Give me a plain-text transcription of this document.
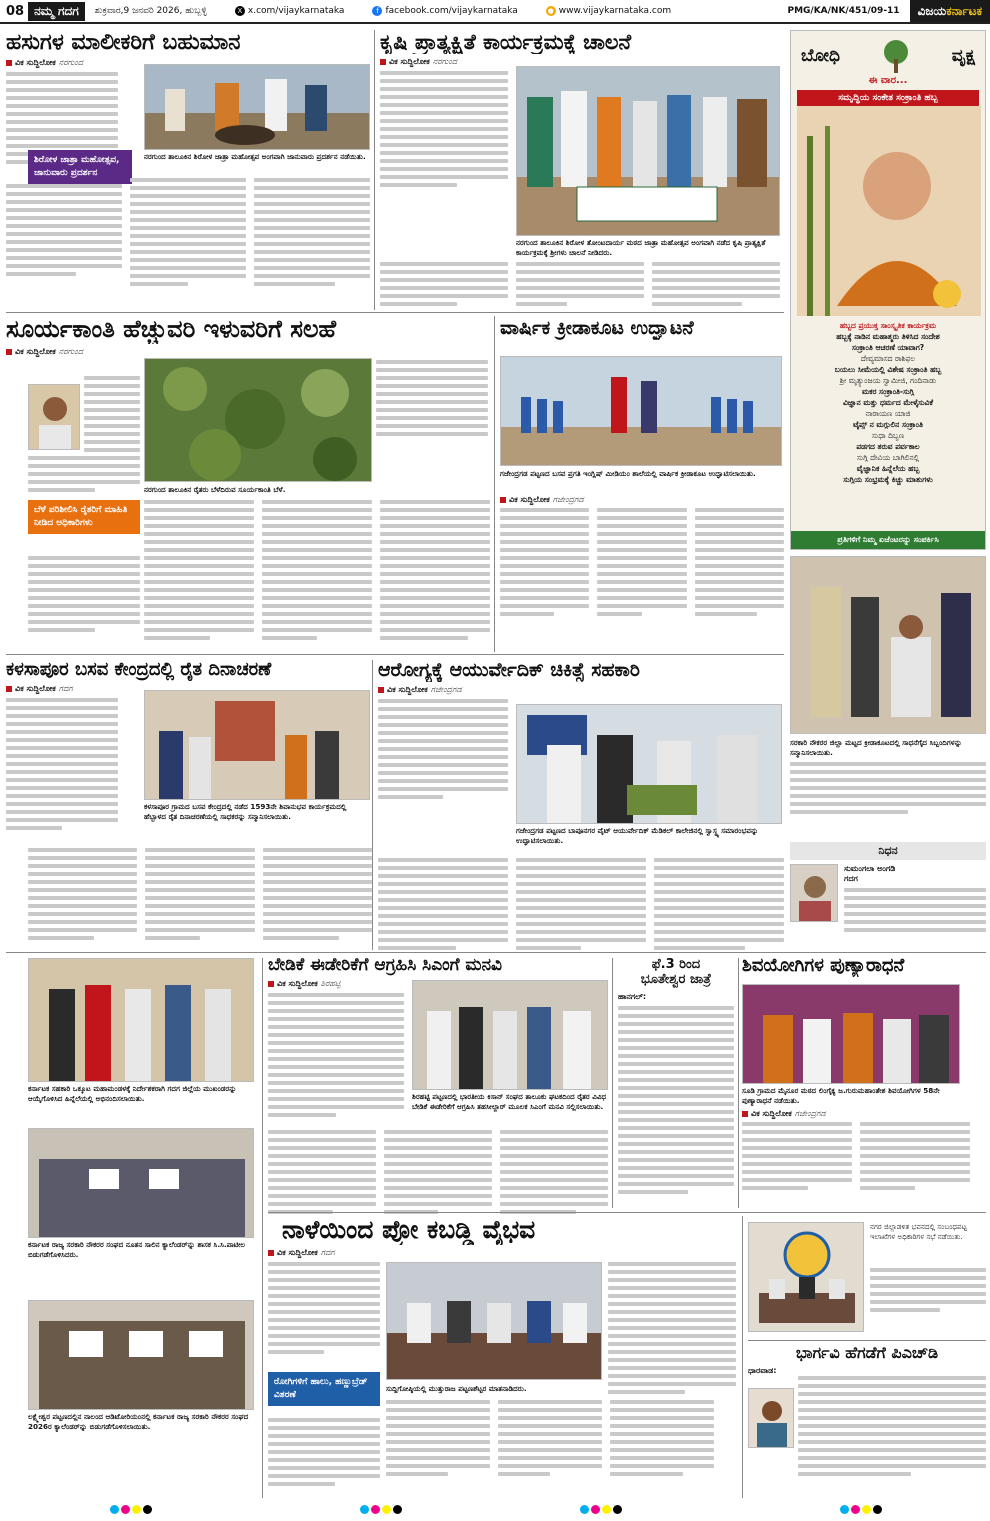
08 ನಮ್ಮ ಗದಗ	ಶುಕ್ರವಾರ,9 ಜನವರಿ 2026, ಹುಬ್ಬಳ್ಳಿ	X x.com/vijaykarnataka	f facebook.com/vijaykarnataka	● www.vijaykarnataka.com	PMG/KA/NK/451/09-11	ವಿಜಯಕರ್ನಾಟಕ
ಹಸುಗಳ ಮಾಲೀಕರಿಗೆ ಬಹುಮಾನ
ವಿಕ ಸುದ್ದಿಲೋಕ ನರಗುಂದ
ಶಿರೋಳ ಜಾತ್ರಾ ಮಹೋತ್ಸವ, ಜಾನುವಾರು ಪ್ರದರ್ಶನ
ನರಗುಂದ ತಾಲೂಕಿನ ಶಿರೋಳ ಜಾತ್ರಾ ಮಹೋತ್ಸವ ಅಂಗವಾಗಿ ಜಾನುವಾರು ಪ್ರದರ್ಶನ ನಡೆಯಿತು.
ಕೃಷಿ ಪ್ರಾತ್ಯಕ್ಷಿತೆ ಕಾರ್ಯಕ್ರಮಕ್ಕೆ ಚಾಲನೆ
ವಿಕ ಸುದ್ದಿಲೋಕ ನರಗುಂದ
ನರಗುಂದ ತಾಲೂಕಿನ ಶಿರೋಳ ತೋಂಟದಾರ್ಯ ಮಠದ ಜಾತ್ರಾ ಮಹೋತ್ಸವ ಅಂಗವಾಗಿ ನಡೆದ ಕೃಷಿ ಪ್ರಾತ್ಯಕ್ಷಿತೆ ಕಾರ್ಯಕ್ರಮಕ್ಕೆ ಶ್ರೀಗಳು ಚಾಲನೆ ನೀಡಿದರು.
ಬೋಧಿ	ವೃಕ್ಷ
ಈ ವಾರ...
ಸಮೃದ್ಧಿಯ ಸಂಕೇತ ಸಂಕ್ರಾಂತಿ ಹಬ್ಬ
ಹಬ್ಬದ ಪ್ರಯುಕ್ತ ಸಾಂಸ್ಕೃತಿಕ ಕಾರ್ಯಕ್ರಮ
ಹಬ್ಬಕ್ಕೆ ನಾಡಿನ ಮಹಾತ್ಮರು ತಿಳಿಸಿದ ಸಂದೇಶ
ಸಂಕ್ರಾಂತಿ ಆಚರಣೆ ಯಾವಾಗ?
ದೇವ್ಯಮಾಸದ ರಾಶಿಫಲ
ಬಯಲು ಸೀಮೆಯಲ್ಲಿ ವಿಶೇಷ ಸಂಕ್ರಾಂತಿ ಹಬ್ಬ
ಶ್ರೀ ಮೃತ್ಯುಂಜಯ ಸ್ವಾಮೀಜಿ, ಗಂದಿನಾಡು
ಮಕರ ಸಂಕ್ರಾಂತಿ-ಸುಗ್ಗಿ
ವಿಜ್ಞಾನ ಮತ್ತು ಧರ್ಮದ ಮೇಳೈಸುವಿಕೆ
ನಾರಾಯಣ ಯಾಜಿ
ಟೈಪ್ಸ್ ನ ಮಗ್ಗುಲಿನ ಸಂಕ್ರಾಂತಿ
ಸುಧಾ ದಿಬ್ಬಣ
ಪಡಗದ ತರುವ ಪರ್ವಕಾಲ
ಸುಗ್ಗಿ ದೇವಿಯ ಬಾಗಿಲಿನಲ್ಲಿ
ವೈಜ್ಞಾನಿಕ ಹಿನ್ನೆಲೆಯ ಹಬ್ಬ
ಸುಗ್ಗಿಯ ಸಂಭ್ರಮಕ್ಕೆ ಕಿಚ್ಚು ಮಾತುಗಳು
ಪ್ರತಿಗಳಿಗೆ ನಿಮ್ಮ ಏಜೆಂಟರನ್ನು ಸಂಪರ್ಕಿಸಿ
ಸೂರ್ಯಕಾಂತಿ ಹೆಚ್ಚುವರಿ ಇಳುವರಿಗೆ ಸಲಹೆ
ವಿಕ ಸುದ್ದಿಲೋಕ ನರಗುಂದ
ಬೆಳೆ ಪರಿಶೀಲಿಸಿ ರೈತರಿಗೆ ಮಾಹಿತಿ ನೀಡಿದ ಅಧಿಕಾರಿಗಳು
ನರಗುಂದ ತಾಲೂಕಿನ ರೈತರು ಬೆಳೆದಿರುವ ಸೂರ್ಯಕಾಂತಿ ಬೆಳೆ.
ವಾರ್ಷಿಕ ಕ್ರೀಡಾಕೂಟ ಉದ್ಘಾಟನೆ
ಗಜೇಂದ್ರಗಡ ಪಟ್ಟಣದ ಬಸವ ಪ್ರಗತಿ ಇಂಗ್ಲಿಷ್ ಮೀಡಿಯಂ ಶಾಲೆಯಲ್ಲಿ ವಾರ್ಷಿಕ ಕ್ರೀಡಾಕೂಟ ಉದ್ಘಾಟಿಸಲಾಯಿತು.
ವಿಕ ಸುದ್ದಿಲೋಕ ಗಜೇಂದ್ರಗಡ
ಸರಕಾರಿ ನೌಕರರ ಜಿಲ್ಲಾ ಮಟ್ಟದ ಕ್ರೀಡಾಕೂಟದಲ್ಲಿ ಸಾಧನೆಗೈದ ಸಿಬ್ಬಂದಿಗಳನ್ನು ಸನ್ಮಾನಿಸಲಾಯಿತು.
ನಿಧನ
ಸುಮಂಗಲಾ ಅಂಗಡಿ
ಗದಗ
ಕಳಸಾಪೂರ ಬಸವ ಕೇಂದ್ರದಲ್ಲಿ ರೈತ ದಿನಾಚರಣೆ
ವಿಕ ಸುದ್ದಿಲೋಕ ಗದಗ
ಕಳಸಾಪೂರ ಗ್ರಾಮದ ಬಸವ ಕೇಂದ್ರದಲ್ಲಿ ನಡೆದ 1593ನೇ ಶಿವಾನುಭವ ಕಾರ್ಯಕ್ರಮದಲ್ಲಿ ಹೆಬ್ಬಾಳದ ರೈತ ದಿನಾಚರಣೆಯಲ್ಲಿ ಸಾಧಕರನ್ನು ಸನ್ಮಾನಿಸಲಾಯಿತು.
ಆರೋಗ್ಯಕ್ಕೆ ಆಯುರ್ವೇದಿಕ್ ಚಿಕಿತ್ಸೆ ಸಹಕಾರಿ
ವಿಕ ಸುದ್ದಿಲೋಕ ಗಜೇಂದ್ರಗಡ
ಗಜೇಂದ್ರಗಡ ಪಟ್ಟಣದ ಬಾಪೂನಗರ ವೈಟ್ ಆಯುರ್ವೇದಿಕ್ ಮೆಡಿಕಲ್ ಕಾಲೇಜಿನಲ್ಲಿ ಸ್ವಾಸ್ಥ್ಯ ಸಮಾರಂಭವನ್ನು ಉದ್ಘಾಟಿಸಲಾಯಿತು.
ಕರ್ನಾಟಕ ಸಹಕಾರಿ ಒಕ್ಕೂಟ ಮಹಾಮಂಡಳಕ್ಕೆ ನಿರ್ದೇಶಕರಾಗಿ ಗದಗ ಜಿಲ್ಲೆಯ ಮುಖಂಡರನ್ನು ಆಯ್ಕೆಗೊಳಿಸಿದ ಹಿನ್ನೆಲೆಯಲ್ಲಿ ಅಭಿನಂದಿಸಲಾಯಿತು.
ಕರ್ನಾಟಕ ರಾಜ್ಯ ಸರಕಾರಿ ನೌಕರರ ಸಂಘದ ನೂತನ ಸಾಲಿನ ಕ್ಯಾಲೆಂಡರ್‌ನ್ನು ಶಾಸಕ ಸಿ.ಸಿ.ಪಾಟೀಲ ಬಿಡುಗಡೆಗೊಳಿಸಿದರು.
ಲಕ್ಷ್ಮೇಶ್ವರ ಪಟ್ಟಣದಲ್ಲಿನ ನಾಲಂದ ಆಡಿಟೋರಿಯಂನಲ್ಲಿ ಕರ್ನಾಟಕ ರಾಜ್ಯ ಸರಕಾರಿ ನೌಕರರ ಸಂಘದ 2026ರ ಕ್ಯಾಲೆಂಡರ್‌ನ್ನು ಬಿಡುಗಡೆಗೊಳಿಸಲಾಯಿತು.
ಬೇಡಿಕೆ ಈಡೇರಿಕೆಗೆ ಆಗ್ರಹಿಸಿ ಸಿಎಂಗೆ ಮನವಿ
ವಿಕ ಸುದ್ದಿಲೋಕ ಶಿರಹಟ್ಟಿ
ಶಿರಹಟ್ಟಿ ಪಟ್ಟಣದಲ್ಲಿ ಭಾರತೀಯ ಕಿಸಾನ್ ಸಂಘದ ತಾಲೂಕು ಘಟಕದಿಂದ ರೈತರ ವಿವಿಧ ಬೇಡಿಕೆ ಈಡೇರಿಕೆಗೆ ಆಗ್ರಹಿಸಿ ತಹಸೀಲ್ದಾರ್ ಮೂಲಕ ಸಿಎಂಗೆ ಮನವಿ ಸಲ್ಲಿಸಲಾಯಿತು.
ಫೆ.3 ರಿಂದ
ಭೂತೇಶ್ವರ ಜಾತ್ರೆ
ಹಾನಗಲ್:
ಶಿವಯೋಗಿಗಳ ಪುಣ್ಯಾರಾಧನೆ
ಸೂಡಿ ಗ್ರಾಮದ ಮೈನೂರ ಮಠದ ಲಿಂಗೈಕ್ಯ ಜ.ಗುರುಮಹಾಂತೇಶ ಶಿವಯೋಗಿಗಳ 58ನೇ ಪುಣ್ಯಾರಾಧನೆ ನಡೆಯಿತು.
ವಿಕ ಸುದ್ದಿಲೋಕ ಗಜೇಂದ್ರಗಡ
ನಾಳೆಯಿಂದ ಪ್ರೋ ಕಬಡ್ಡಿ ವೈಭವ
ವಿಕ ಸುದ್ದಿಲೋಕ ಗದಗ
ರೋಗಿಗಳಿಗೆ ಹಾಲು, ಹಣ್ಣುಬ್ರೆಡ್ ವಿತರಣೆ
ಸುದ್ದಿಗೋಷ್ಠಿಯಲ್ಲಿ ಮುತ್ತುರಾಜ ಪಟ್ಟಣಶೆಟ್ಟರ ಮಾತನಾಡಿದರು.
ನಗರ ಜಿಲ್ಲಾಡಳಿತ ಭವನದಲ್ಲಿ ಸಂಬಂಧಪಟ್ಟ ಇಲಾಖೆಗಳ ಅಧಿಕಾರಿಗಳ ಸಭೆ ನಡೆಯಿತು.
ಭಾರ್ಗವಿ ಹೆಗಡೆಗೆ ಪಿಎಚ್‌ಡಿ
ಧಾರವಾಡ:
